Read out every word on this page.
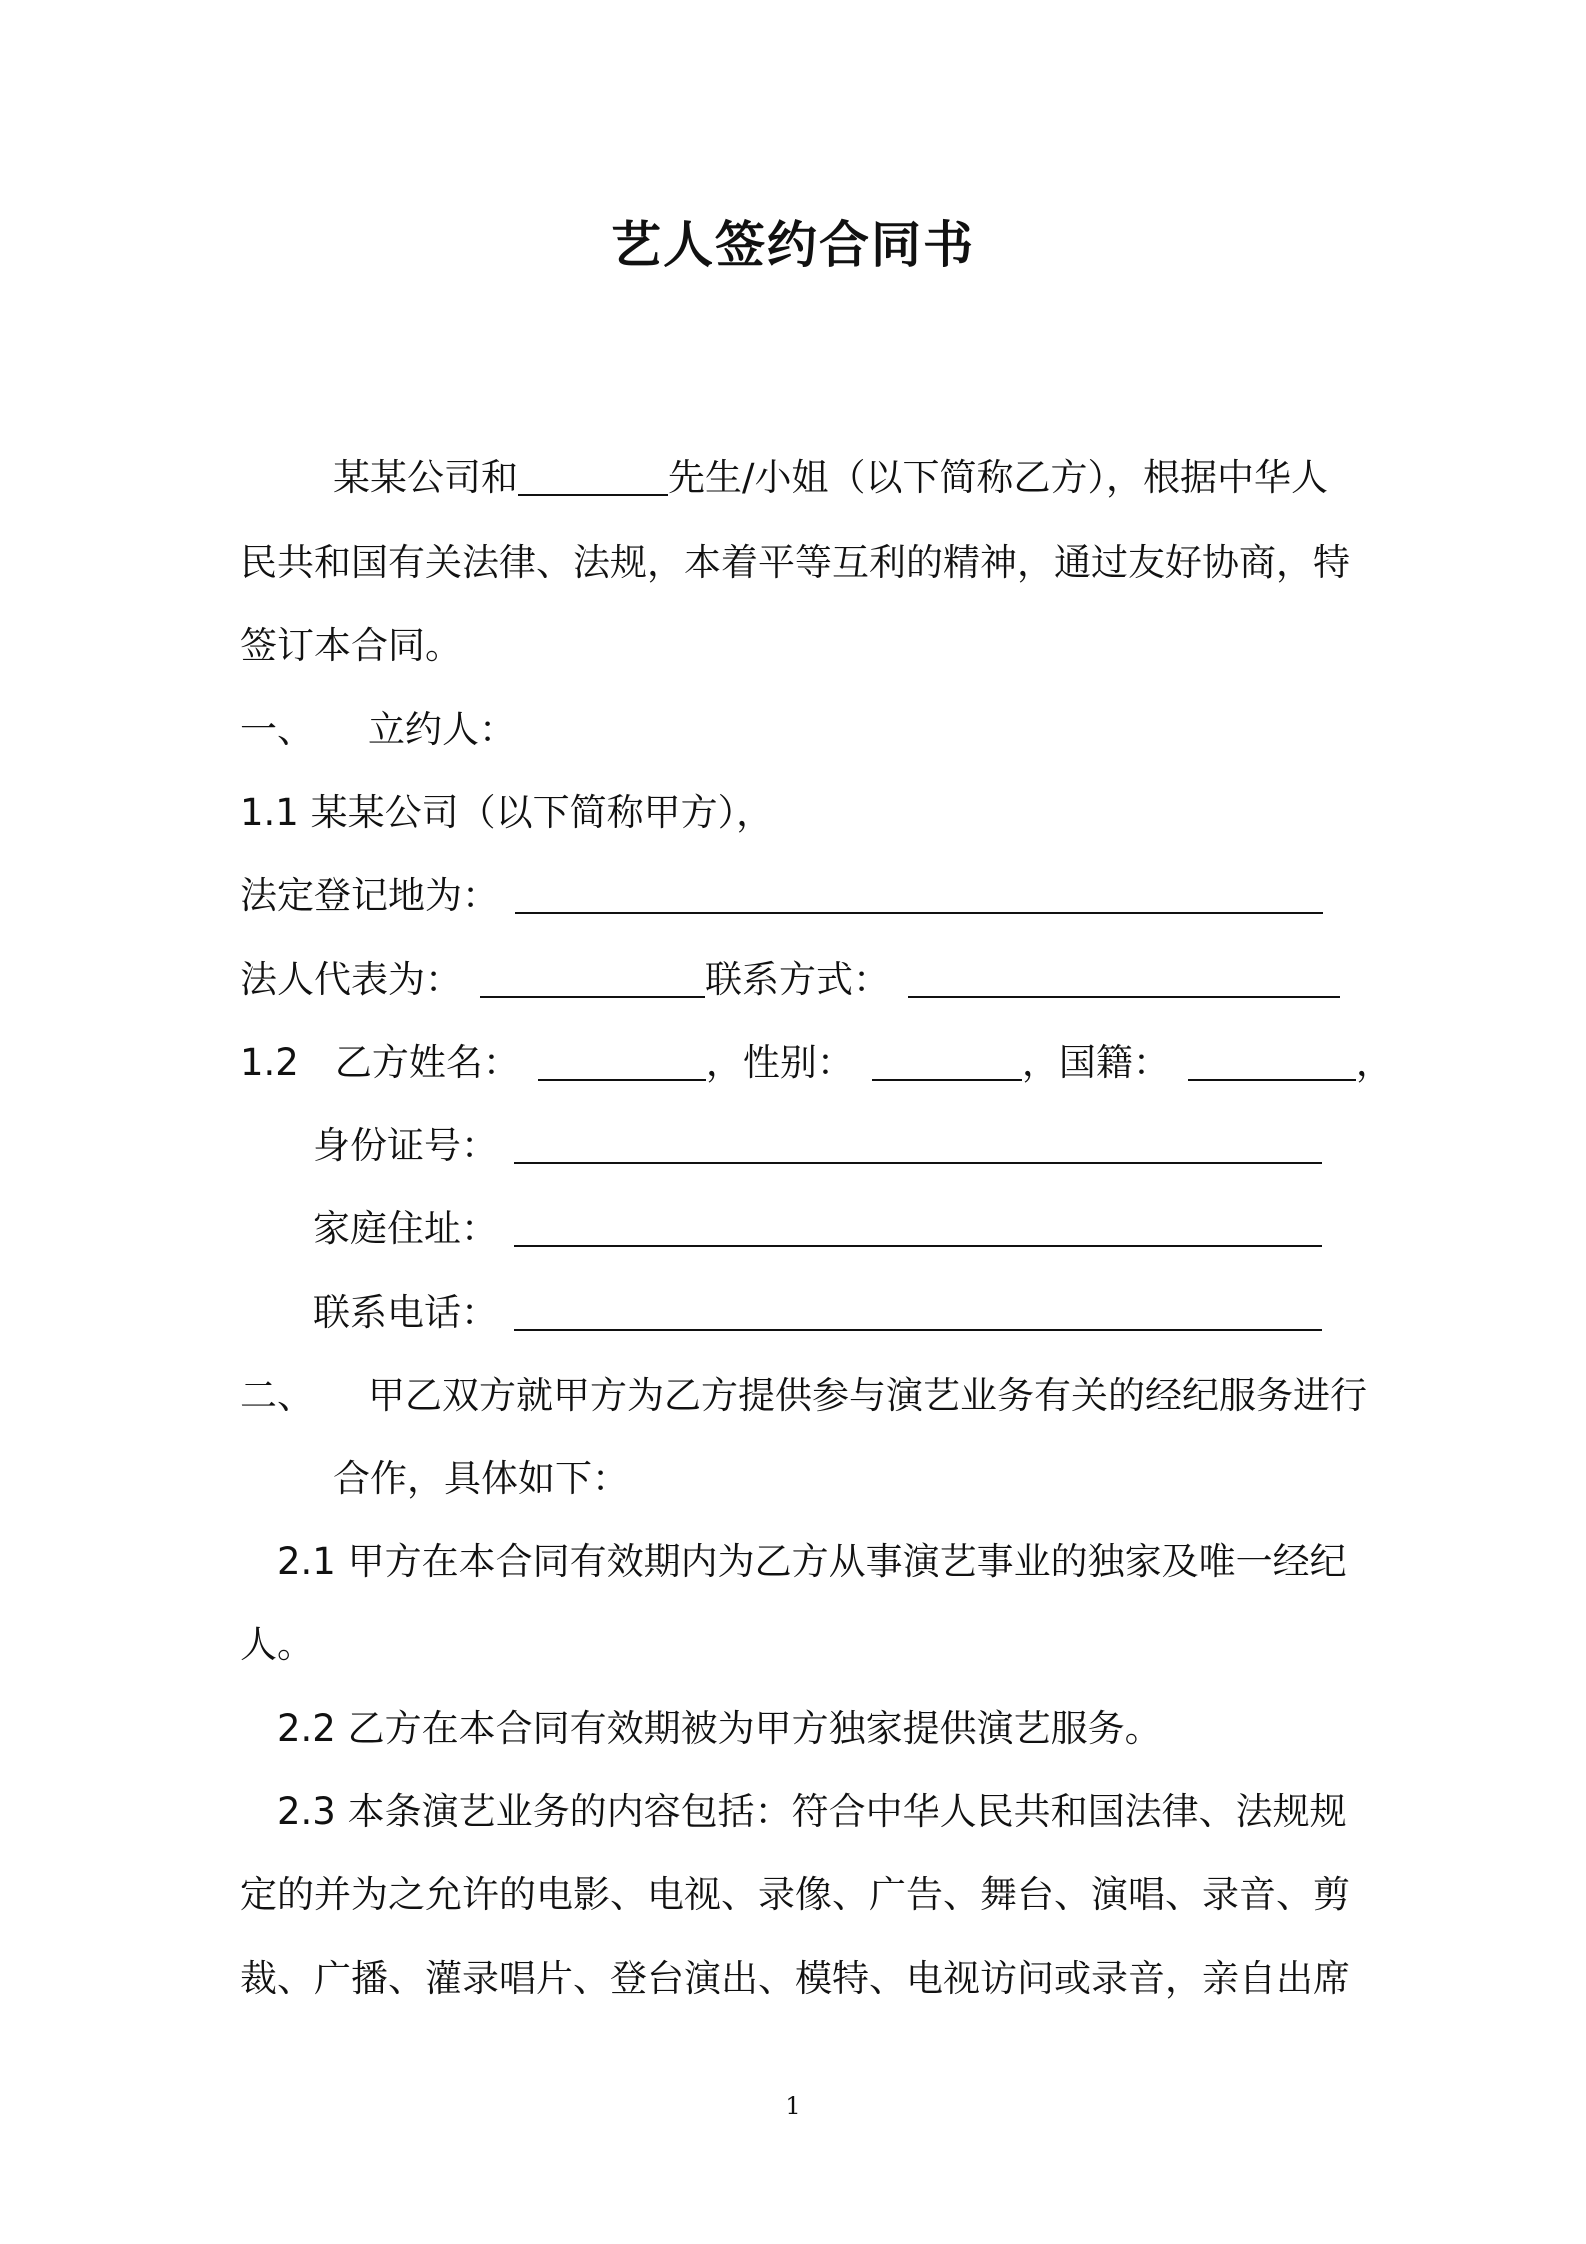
艺人签约合同书
某某公司和	先生/小姐（以下简称乙方），根据中华人
民共和国有关法律、法规，本着平等互利的精神，通过友好协商，特
签订本合同。
一、 立约人：
1.1 某某公司（以下简称甲方），
法定登记地为：
法人代表为：	联系方式：
1.2 乙方姓名：	，性别：	，国籍：	，
身份证号：
家庭住址：
联系电话：
二、 甲乙双方就甲方为乙方提供参与演艺业务有关的经纪服务进行
合作，具体如下：
2.1 甲方在本合同有效期内为乙方从事演艺事业的独家及唯一经纪
人。
2.2 乙方在本合同有效期被为甲方独家提供演艺服务。
2.3 本条演艺业务的内容包括：符合中华人民共和国法律、法规规
定的并为之允许的电影、电视、录像、广告、舞台、演唱、录音、剪
裁、广播、灌录唱片、登台演出、模特、电视访问或录音，亲自出席
1
